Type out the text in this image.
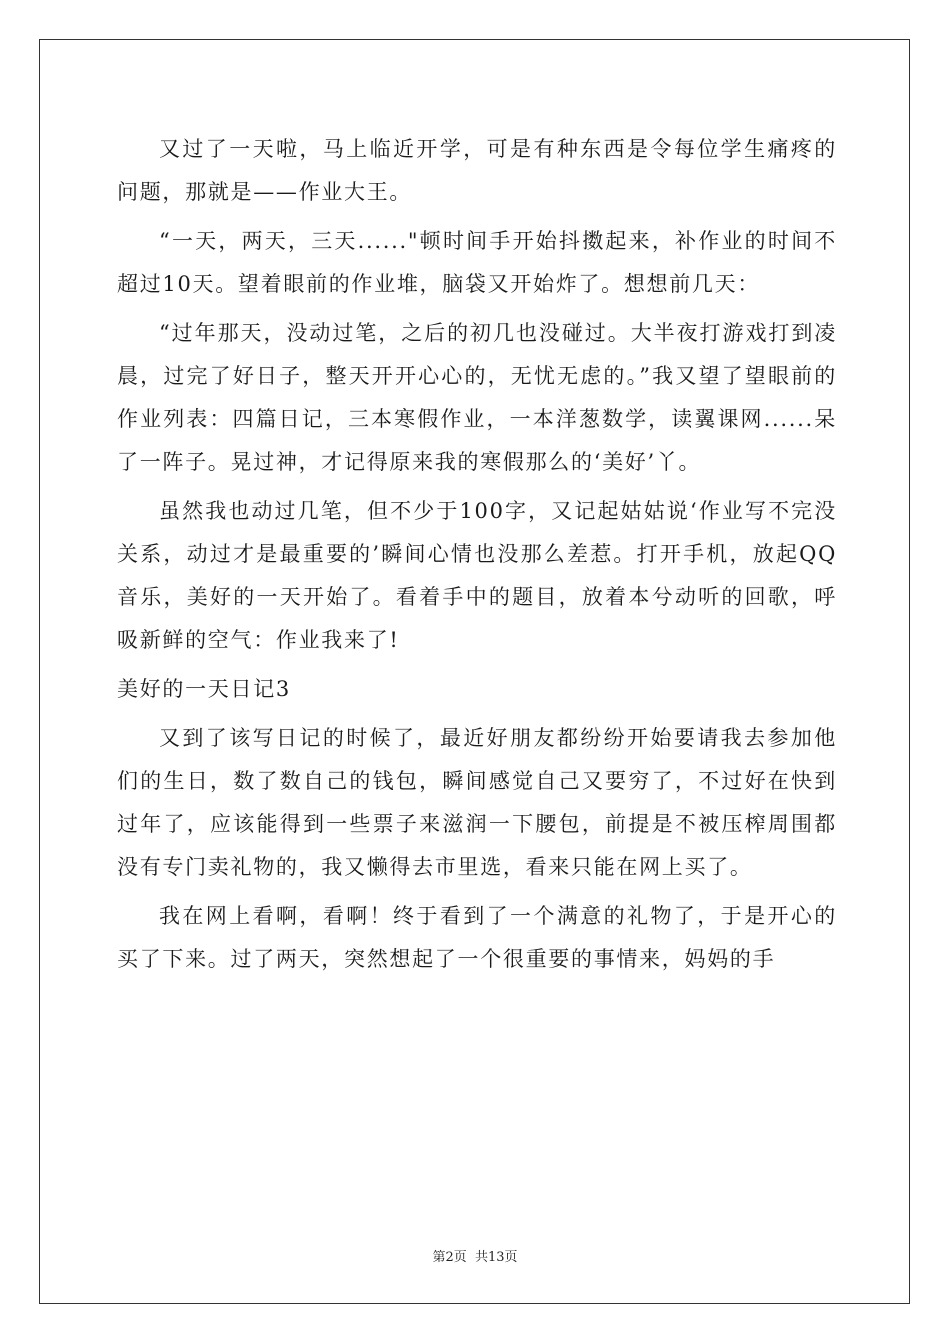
又过了一天啦，马上临近开学，可是有种东西是令每位学生痛疼的问题，那就是——作业大王。

“一天，两天，三天......"顿时间手开始抖擞起来，补作业的时间不超过10天。望着眼前的作业堆，脑袋又开始炸了。想想前几天：

“过年那天，没动过笔，之后的初几也没碰过。大半夜打游戏打到凌晨，过完了好日子，整天开开心心的，无忧无虑的。”我又望了望眼前的作业列表：四篇日记，三本寒假作业，一本洋葱数学，读翼课网......呆了一阵子。晃过神，才记得原来我的寒假那么的‘美好’丫。

虽然我也动过几笔，但不少于100字，又记起姑姑说‘作业写不完没关系，动过才是最重要的’瞬间心情也没那么差惹。打开手机，放起QQ音乐，美好的一天开始了。看着手中的题目，放着本兮动听的回歌，呼吸新鲜的空气：作业我来了!

美好的一天日记3

又到了该写日记的时候了，最近好朋友都纷纷开始要请我去参加他们的生日，数了数自己的钱包，瞬间感觉自己又要穷了，不过好在快到过年了，应该能得到一些票子来滋润一下腰包，前提是不被压榨周围都没有专门卖礼物的，我又懒得去市里选，看来只能在网上买了。

我在网上看啊，看啊！终于看到了一个满意的礼物了，于是开心的买了下来。过了两天，突然想起了一个很重要的事情来，妈妈的手

第2页 共13页
